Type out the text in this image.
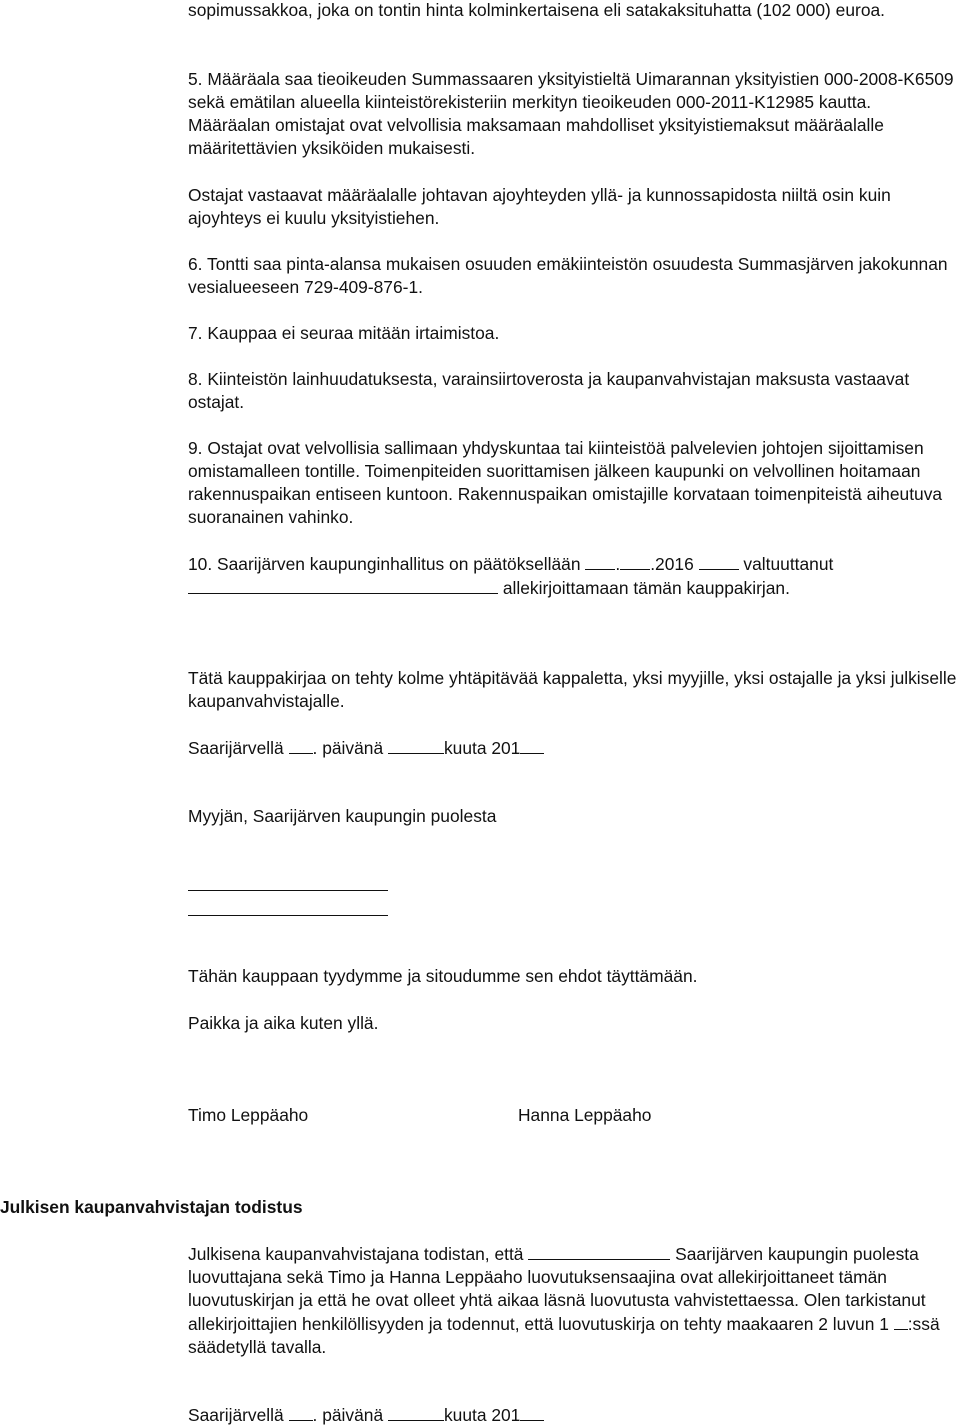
sopimussakkoa, joka on tontin hinta kolminkertaisena eli satakaksituhatta (102 000) euroa.

5. Määräala saa tieoikeuden Summassaaren yksityistieltä Uimarannan yksityistien 000-2008-K6509 sekä emätilan alueella kiinteistörekisteriin merkityn tieoikeuden 000-2011-K12985 kautta. Määräalan omistajat ovat velvollisia maksamaan mahdolliset yksityistiemaksut määräalalle määritettävien yksiköiden mukaisesti.

Ostajat vastaavat määräalalle johtavan ajoyhteyden yllä- ja kunnossapidosta niiltä osin kuin ajoyhteys ei kuulu yksityistiehen.

6. Tontti saa pinta-alansa mukaisen osuuden emäkiinteistön osuudesta Summasjärven jakokunnan vesialueeseen 729-409-876-1.

7. Kauppaa ei seuraa mitään irtaimistoa.

8. Kiinteistön lainhuudatuksesta, varainsiirtoverosta ja kaupanvahvistajan maksusta vastaavat ostajat.

9. Ostajat ovat velvollisia sallimaan yhdyskuntaa tai kiinteistöä palvelevien johtojen sijoittamisen omistamalleen tontille. Toimenpiteiden suorittamisen jälkeen kaupunki on velvollinen hoitamaan rakennuspaikan entiseen kuntoon. Rakennuspaikan omistajille korvataan toimenpiteistä aiheutuva suoranainen vahinko.

10. Saarijärven kaupunginhallitus on päätöksellään . .2016  valtuuttanut
allekirjoittamaan tämän kauppakirjan.

Tätä kauppakirjaa on tehty kolme yhtäpitävää kappaletta, yksi myyjille, yksi ostajalle ja yksi julkiselle kaupanvahvistajalle.

Saarijärvellä . päivänä	kuuta 201

Myyjän, Saarijärven kaupungin puolesta

Tähän kauppaan tyydymme ja sitoudumme sen ehdot täyttämään.

Paikka ja aika kuten yllä.

Timo Leppäaho	Hanna Leppäaho

Julkisen kaupanvahvistajan todistus

Julkisena kaupanvahvistajana todistan, että	Saarijärven kaupungin puolesta luovuttajana sekä Timo ja Hanna Leppäaho luovutuksensaajina ovat allekirjoittaneet tämän luovutuskirjan ja että he ovat olleet yhtä aikaa läsnä luovutusta vahvistettaessa. Olen tarkistanut allekirjoittajien henkilöllisyyden ja todennut, että luovutuskirja on tehty maakaaren 2 luvun 1 :ssä säädetyllä tavalla.

Saarijärvellä . päivänä	kuuta 201
